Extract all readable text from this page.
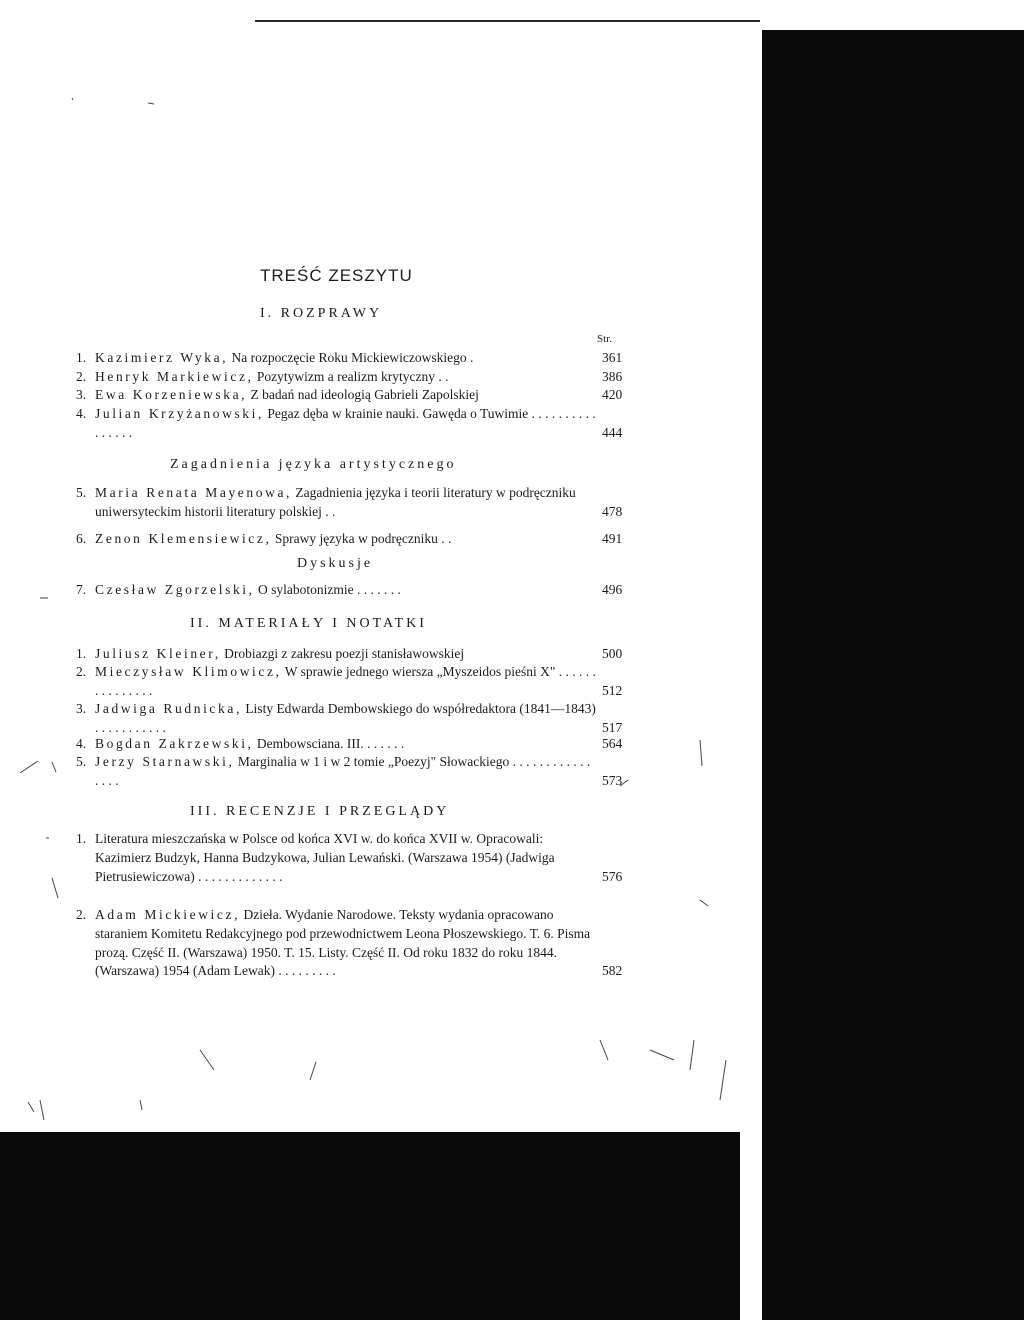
TREŚĆ ZESZYTU
I. ROZPRAWY
Str.
1. Kazimierz Wyka, Na rozpoczęcie Roku Mickiewiczowskiego .	361
2. Henryk Markiewicz, Pozytywizm a realizm krytyczny . .	386
3. Ewa Korzeniewska, Z badań nad ideologią Gabrieli Zapolskiej	420
4. Julian Krzyżanowski, Pegaz dęba w krainie nauki. Gawęda o Tuwimie . . . . . . . . . . . . . . . .	444
Zagadnienia języka artystycznego
5. Maria Renata Mayenowa, Zagadnienia języka i teorii literatury w podręczniku uniwersyteckim historii literatury polskiej . .	478
6. Zenon Klemensiewicz, Sprawy języka w podręczniku . .	491
Dyskusje
7. Czesław Zgorzelski, O sylabotonizmie . . . . . . .	496
II. MATERIAŁY I NOTATKI
1. Juliusz Kleiner, Drobiazgi z zakresu poezji stanisławowskiej	500
2. Mieczysław Klimowicz, W sprawie jednego wiersza „Myszeidos pieśni X" . . . . . . . . . . . . . . .	512
3. Jadwiga Rudnicka, Listy Edwarda Dembowskiego do współredaktora (1841—1843) . . . . . . . . . . .	517
4. Bogdan Zakrzewski, Dembowsciana. III. . . . . . .	564
5. Jerzy Starnawski, Marginalia w 1 i w 2 tomie „Poezyj" Słowackiego . . . . . . . . . . . . . . . .	573
III. RECENZJE I PRZEGLĄDY
1. Literatura mieszczańska w Polsce od końca XVI w. do końca XVII w. Opracowali: Kazimierz Budzyk, Hanna Budzykowa, Julian Lewański. (Warszawa 1954) (Jadwiga Pietrusiewiczowa) . . . . . . . . . . . . .	576
2. Adam Mickiewicz, Dzieła. Wydanie Narodowe. Teksty wydania opracowano staraniem Komitetu Redakcyjnego pod przewodnictwem Leona Płoszewskiego. T. 6. Pisma prozą. Część II. (Warszawa) 1950. T. 15. Listy. Część II. Od roku 1832 do roku 1844. (Warszawa) 1954 (Adam Lewak) . . . . . . . . .	582
